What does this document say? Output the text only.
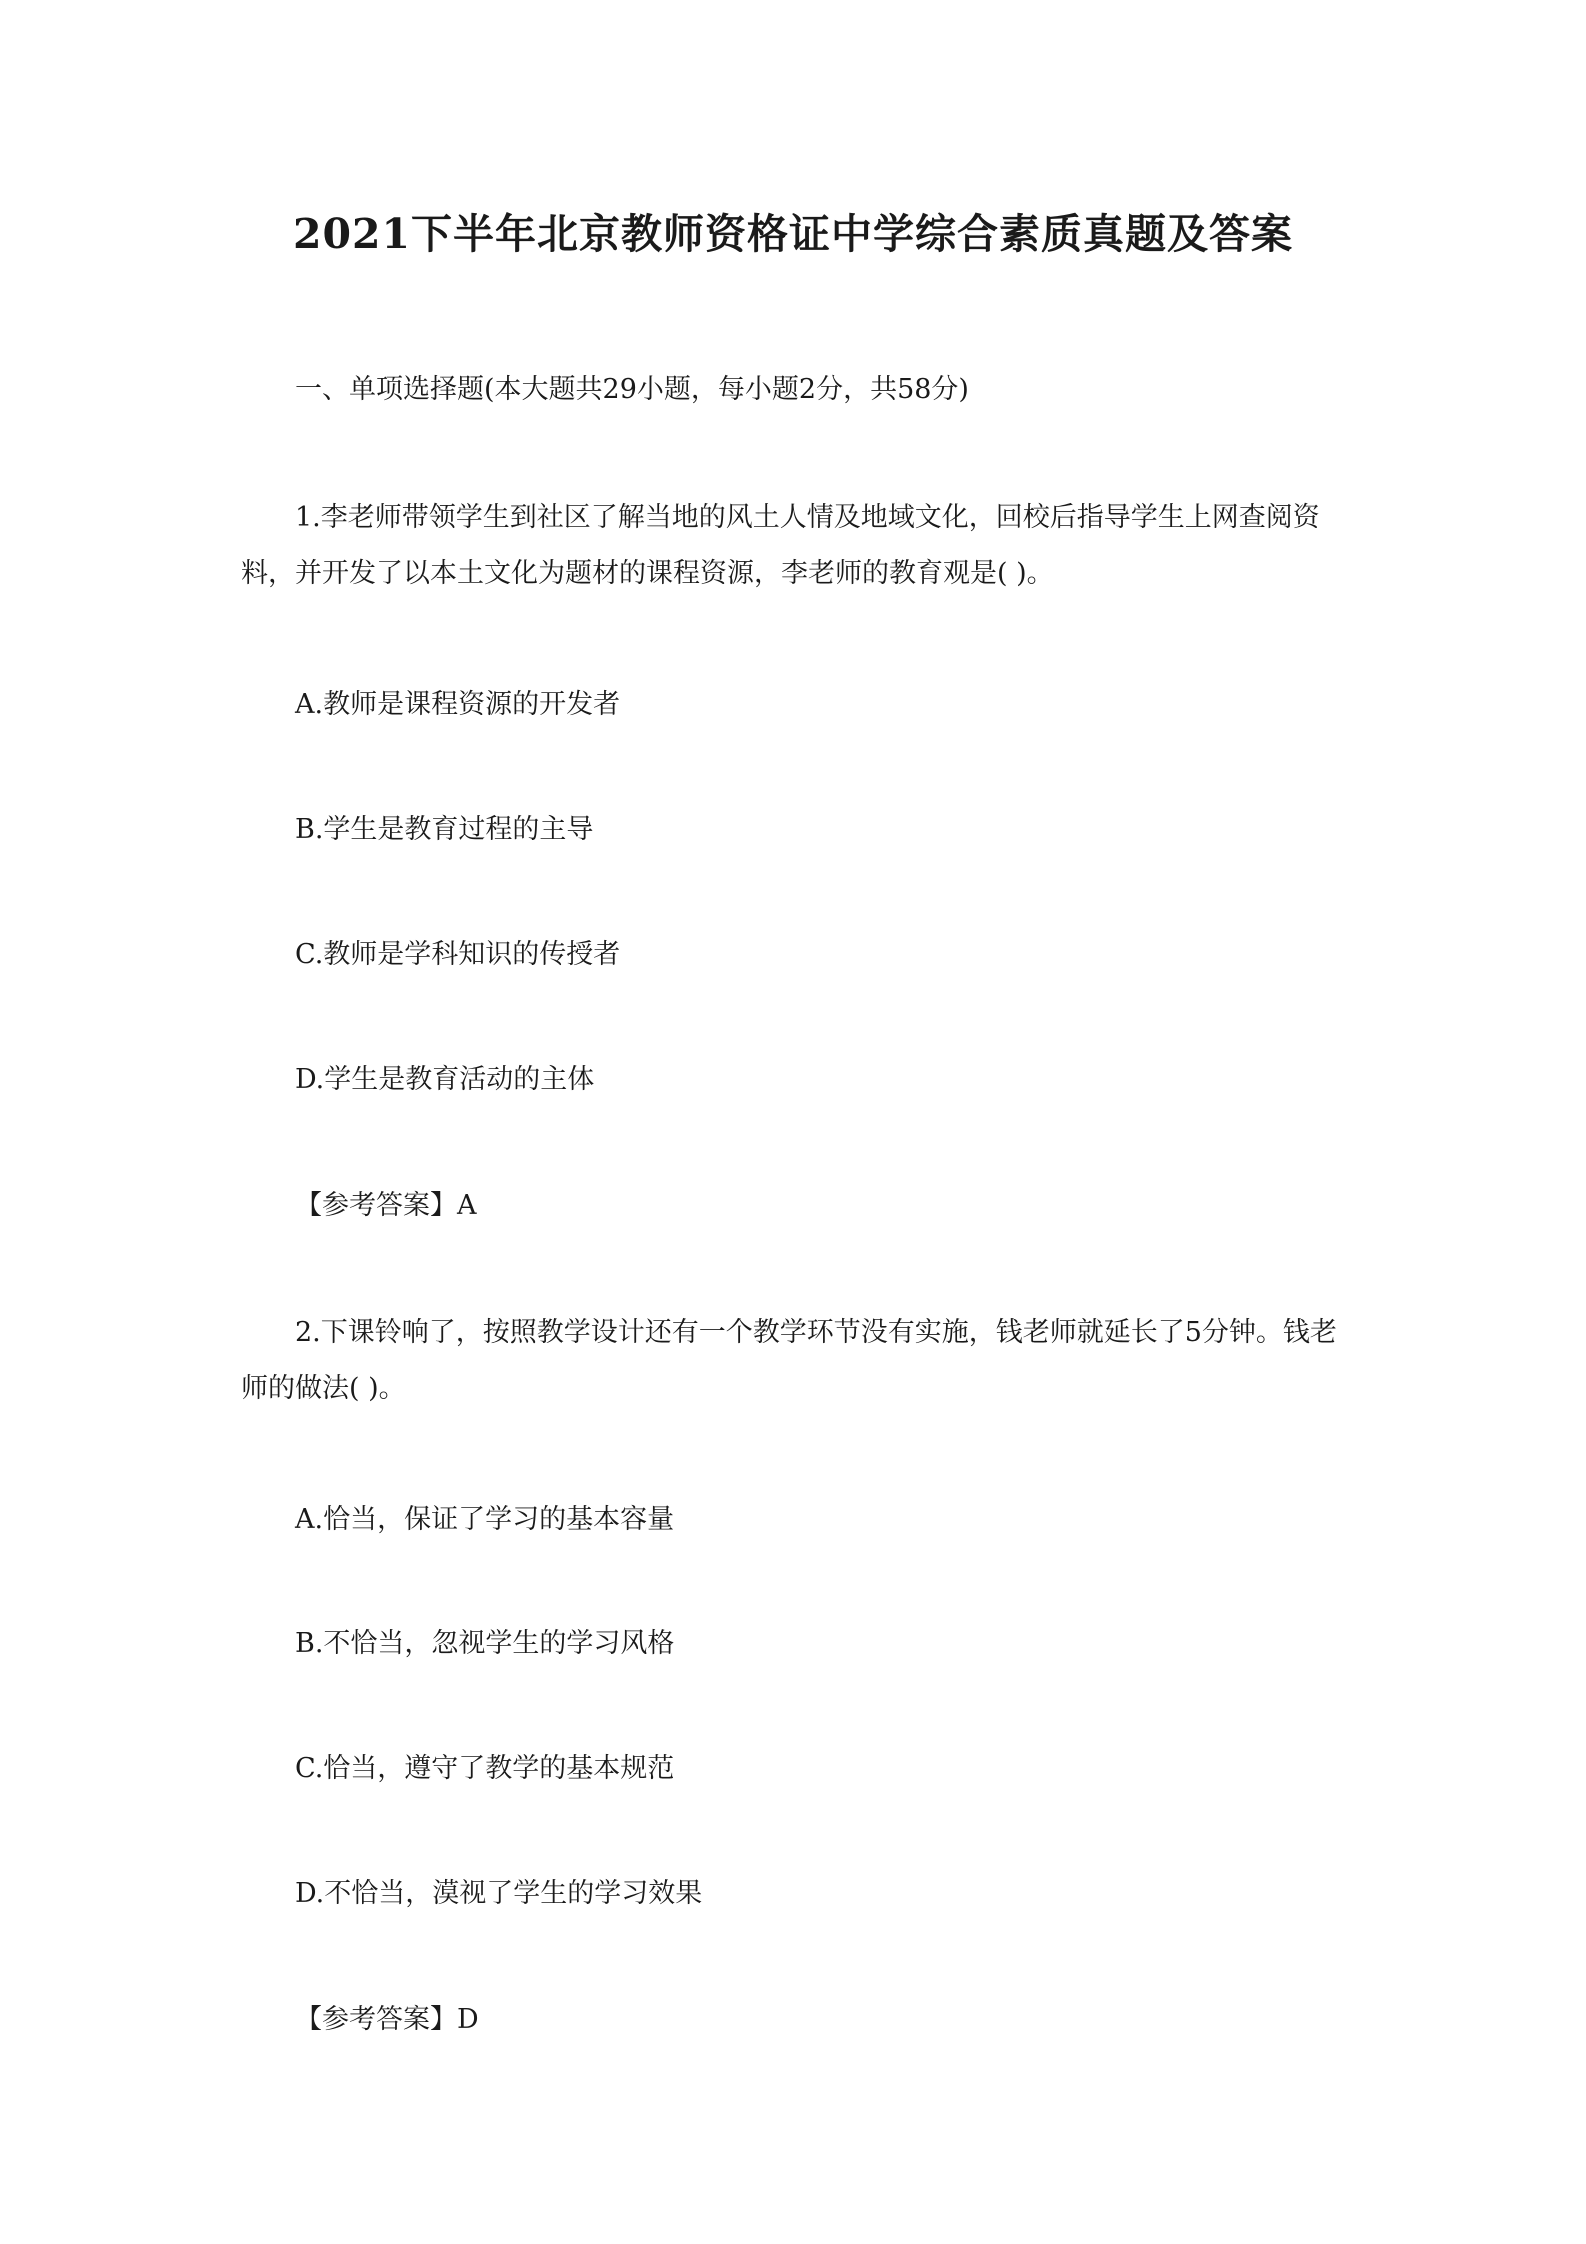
2021下半年北京教师资格证中学综合素质真题及答案

一、单项选择题(本大题共29小题，每小题2分，共58分)

1.李老师带领学生到社区了解当地的风土人情及地域文化，回校后指导学生上网查阅资料，并开发了以本土文化为题材的课程资源，李老师的教育观是( )。

A.教师是课程资源的开发者

B.学生是教育过程的主导

C.教师是学科知识的传授者

D.学生是教育活动的主体

【参考答案】A

2.下课铃响了，按照教学设计还有一个教学环节没有实施，钱老师就延长了5分钟。钱老师的做法( )。

A.恰当，保证了学习的基本容量

B.不恰当，忽视学生的学习风格

C.恰当，遵守了教学的基本规范

D.不恰当，漠视了学生的学习效果

【参考答案】D
